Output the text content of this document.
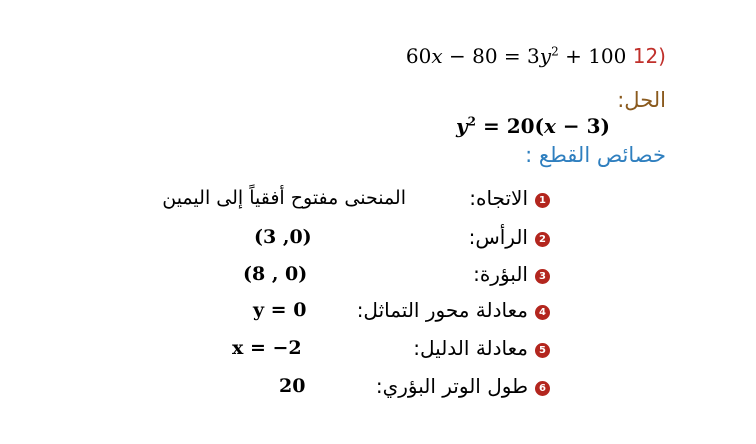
$60x - 80 = 3y^2 + 100$ 12)
الحل:
$y^2 = 20(x - 3)$
خصائص القطع :
1
الاتجاه:
المنحنى مفتوح أفقياً إلى اليمين
2
الرأس:
(3 ,0)
3
البؤرة:
(8 , 0)
4
معادلة محور التماثل:
y = 0
5
معادلة الدليل:
x = −2
6
طول الوتر البؤري:
20
